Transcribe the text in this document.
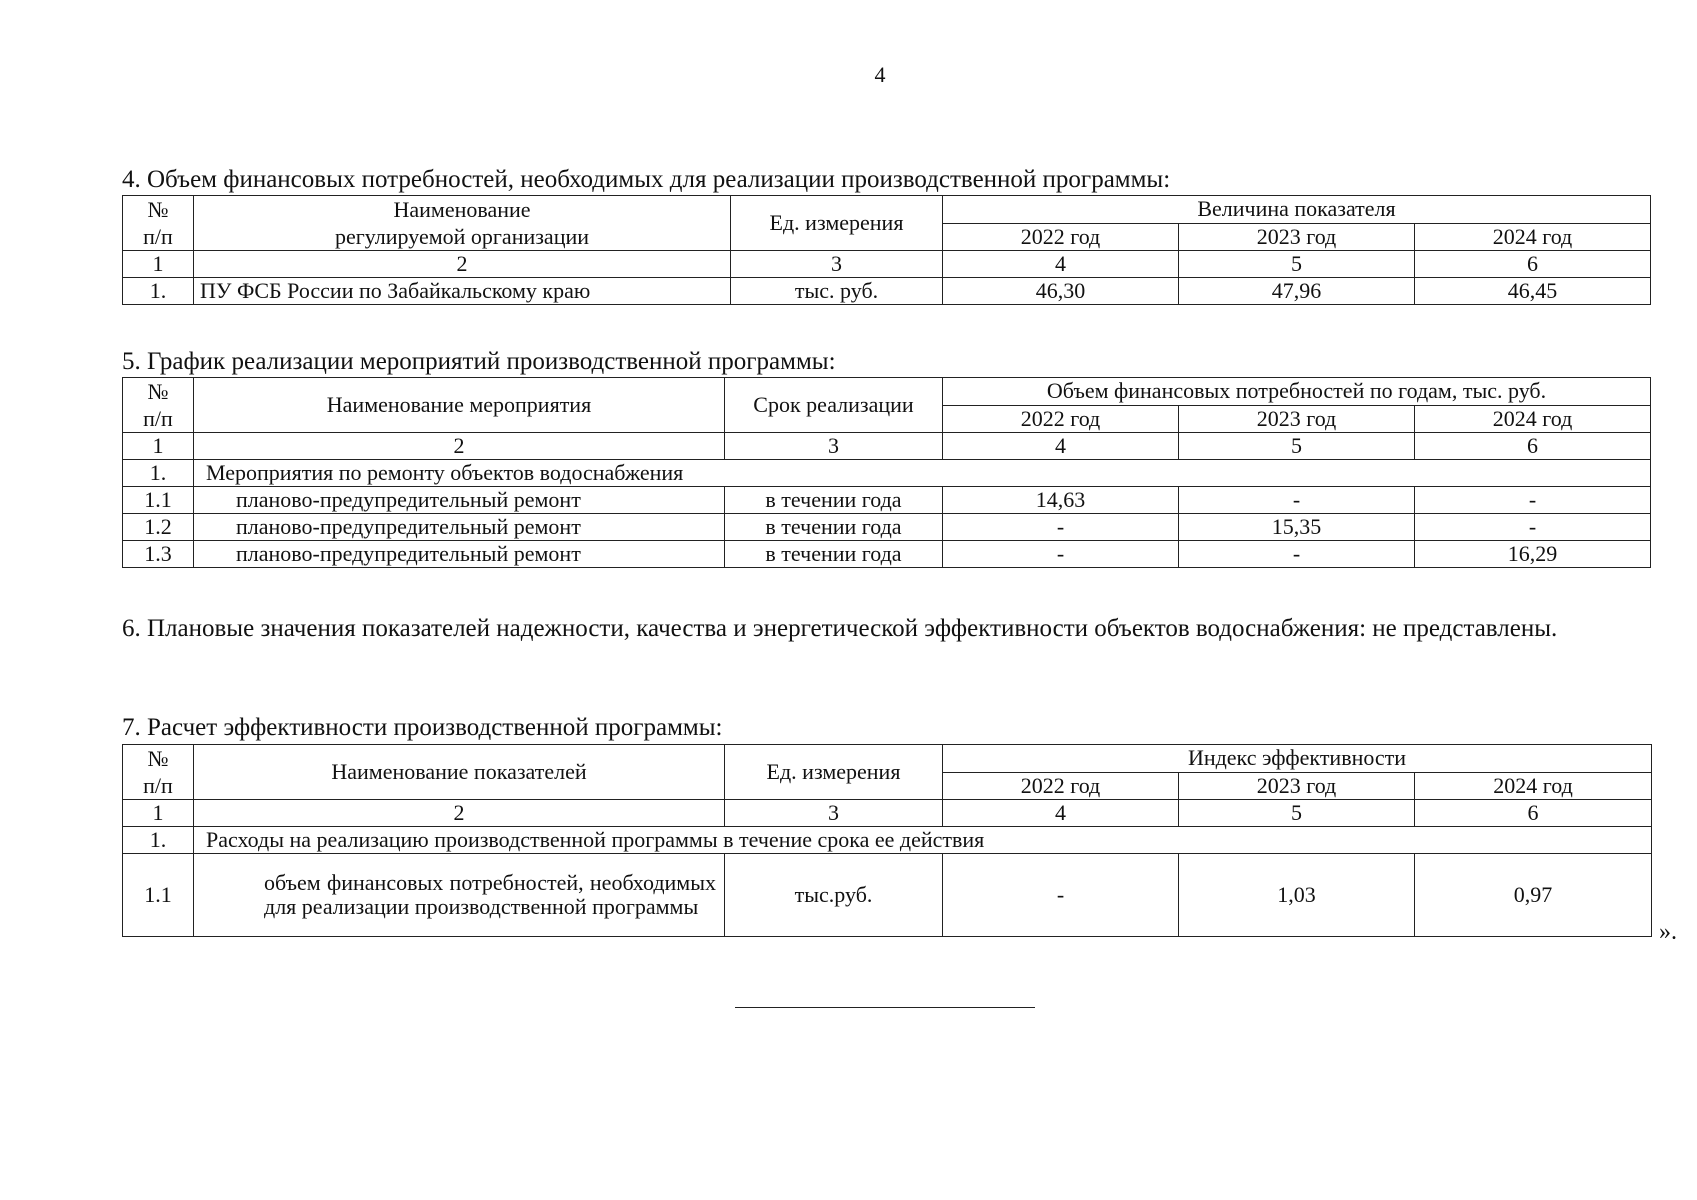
4
4. Объем финансовых потребностей, необходимых для реализации производственной программы:
№
п/п	Наименование
регулируемой организации	Ед. измерения	Величина показателя		
			2022 год	2023 год	2024 год
1	2	3	4	5	6
1.	ПУ ФСБ России по Забайкальскому краю	тыс. руб.	46,30	47,96	46,45
5. График реализации мероприятий производственной программы:
№
п/п	Наименование мероприятия	Срок реализации	Объем финансовых потребностей по годам, тыс. руб.		
			2022 год	2023 год	2024 год
1	2	3	4	5	6
1.	Мероприятия по ремонту объектов водоснабжения				
1.1	планово-предупредительный ремонт	в течении года	14,63	-	-
1.2	планово-предупредительный ремонт	в течении года	-	15,35	-
1.3	планово-предупредительный ремонт	в течении года	-	-	16,29
6. Плановые значения показателей надежности, качества и энергетической эффективности объектов водоснабжения: не представлены.
7. Расчет эффективности производственной программы:
№
п/п	Наименование показателей	Ед. измерения	Индекс эффективности		
			2022 год	2023 год	2024 год
1	2	3	4	5	6
1.	Расходы на реализацию производственной программы в течение срока ее действия				
1.1	объем финансовых потребностей, необходимых для реализации производственной программы	тыс.руб.	-	1,03	0,97
».
